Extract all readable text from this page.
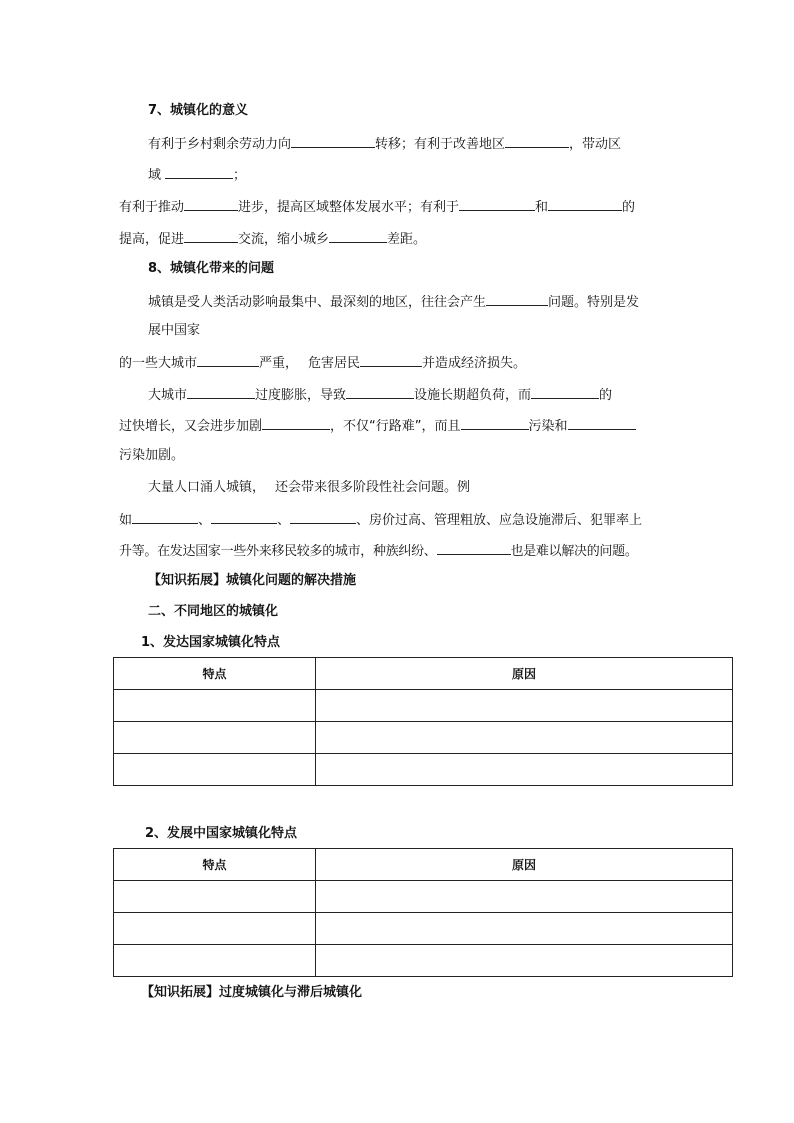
7、城镇化的意义
有利于乡村剩余劳动力向	转移；有利于改善地区	，带动区
域	；
有利于推动	进步，提高区域整体发展水平；有利于	和	的
提高，促进	交流，缩小城乡	差距。
8、城镇化带来的问题
城镇是受人类活动影响最集中、最深刻的地区，往往会产生	问题。特别是发
展中国家
的一些大城市	严重， 危害居民	并造成经济损失。
大城市	过度膨胀，导致	设施长期超负荷，而	的
过快增长，又会进步加剧	，不仅“行路难”，而且	污染和
污染加剧。
大量人口涌人城镇， 还会带来很多阶段性社会问题。例
如	、	、	、房价过高、管理粗放、应急设施滞后、犯罪率上
升等。在发达国家一些外来移民较多的城市，种族纠纷、	也是难以解决的问题。
【知识拓展】城镇化问题的解决措施
二、不同地区的城镇化
1、发达国家城镇化特点
特点	原因

2、发展中国家城镇化特点
特点	原因

【知识拓展】过度城镇化与滞后城镇化
